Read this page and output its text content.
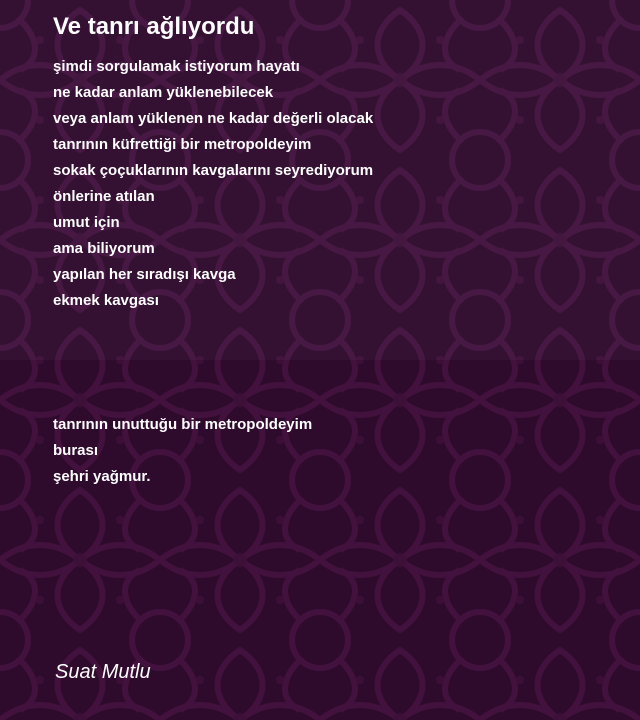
Ve tanrı ağlıyordu
şimdi sorgulamak istiyorum hayatı
ne kadar anlam yüklenebilecek
veya anlam yüklenen ne kadar değerli olacak
tanrının küfrettiği bir metropoldeyim
sokak çoçuklarının kavgalarını seyrediyorum
önlerine atılan
umut için
ama biliyorum
yapılan her sıradışı kavga
ekmek kavgası
tanrının unuttuğu bir metropoldeyim
burası
şehri yağmur.
Suat Mutlu
